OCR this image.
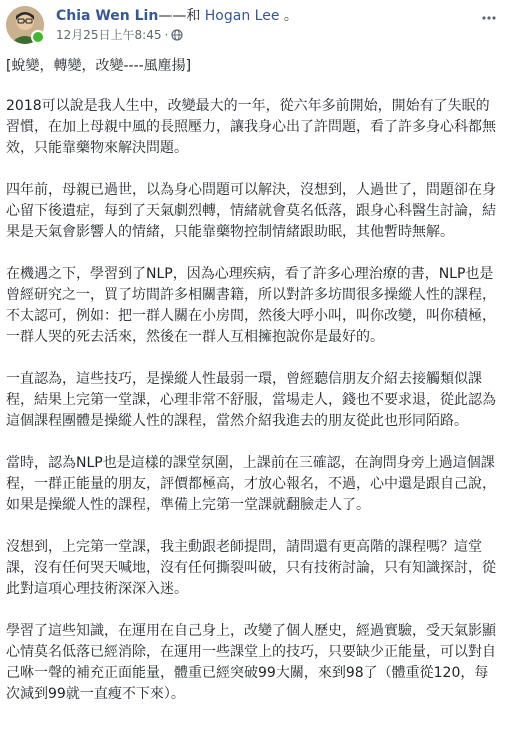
Chia Wen Lin——和 Hogan Lee 。
12月25日上午8:45 ·

[蛻變，轉變，改變----風塵揚]

2018可以說是我人生中，改變最大的一年，從六年多前開始，開始有了失眠的習慣，在加上母親中風的長照壓力，讓我身心出了許問題，看了許多身心科都無效，只能靠藥物來解決問題。

四年前，母親已過世，以為身心問題可以解決，沒想到，人過世了，問題卻在身心留下後遺症，每到了天氣劇烈轉，情緒就會莫名低落，跟身心科醫生討論，結果是天氣會影響人的情緒，只能靠藥物控制情緒跟助眠，其他暫時無解。

在機遇之下，學習到了NLP，因為心理疾病，看了許多心理治療的書，NLP也是曾經研究之一，買了坊間許多相關書籍，所以對許多坊間很多操縱人性的課程，不太認可，例如：把一群人關在小房間，然後大呼小叫，叫你改變，叫你積極，一群人哭的死去活來，然後在一群人互相擁抱說你是最好的。

一直認為，這些技巧，是操縱人性最弱一環，曾經聽信朋友介紹去接觸類似課程，結果上完第一堂課，心理非常不舒服，當場走人，錢也不要求退，從此認為這個課程團體是操縱人性的課程，當然介紹我進去的朋友從此也形同陌路。

當時，認為NLP也是這樣的課堂氛圍，上課前在三確認，在詢問身旁上過這個課程，一群正能量的朋友，評價都極高，才放心報名，不過，心中還是跟自己說，如果是操縱人性的課程，準備上完第一堂課就翻臉走人了。

沒想到，上完第一堂課，我主動跟老師提問，請問還有更高階的課程嗎？這堂課，沒有任何哭天喊地，沒有任何撕裂叫破，只有技術討論，只有知識探討，從此對這項心理技術深深入迷。

學習了這些知識，在運用在自己身上，改變了個人歷史，經過實驗，受天氣影顯心情莫名低落已經消除，在運用一些課堂上的技巧，只要缺少正能量，可以對自己咻一聲的補充正面能量，體重已經突破99大關，來到98了（體重從120，每次減到99就一直瘦不下來）。
